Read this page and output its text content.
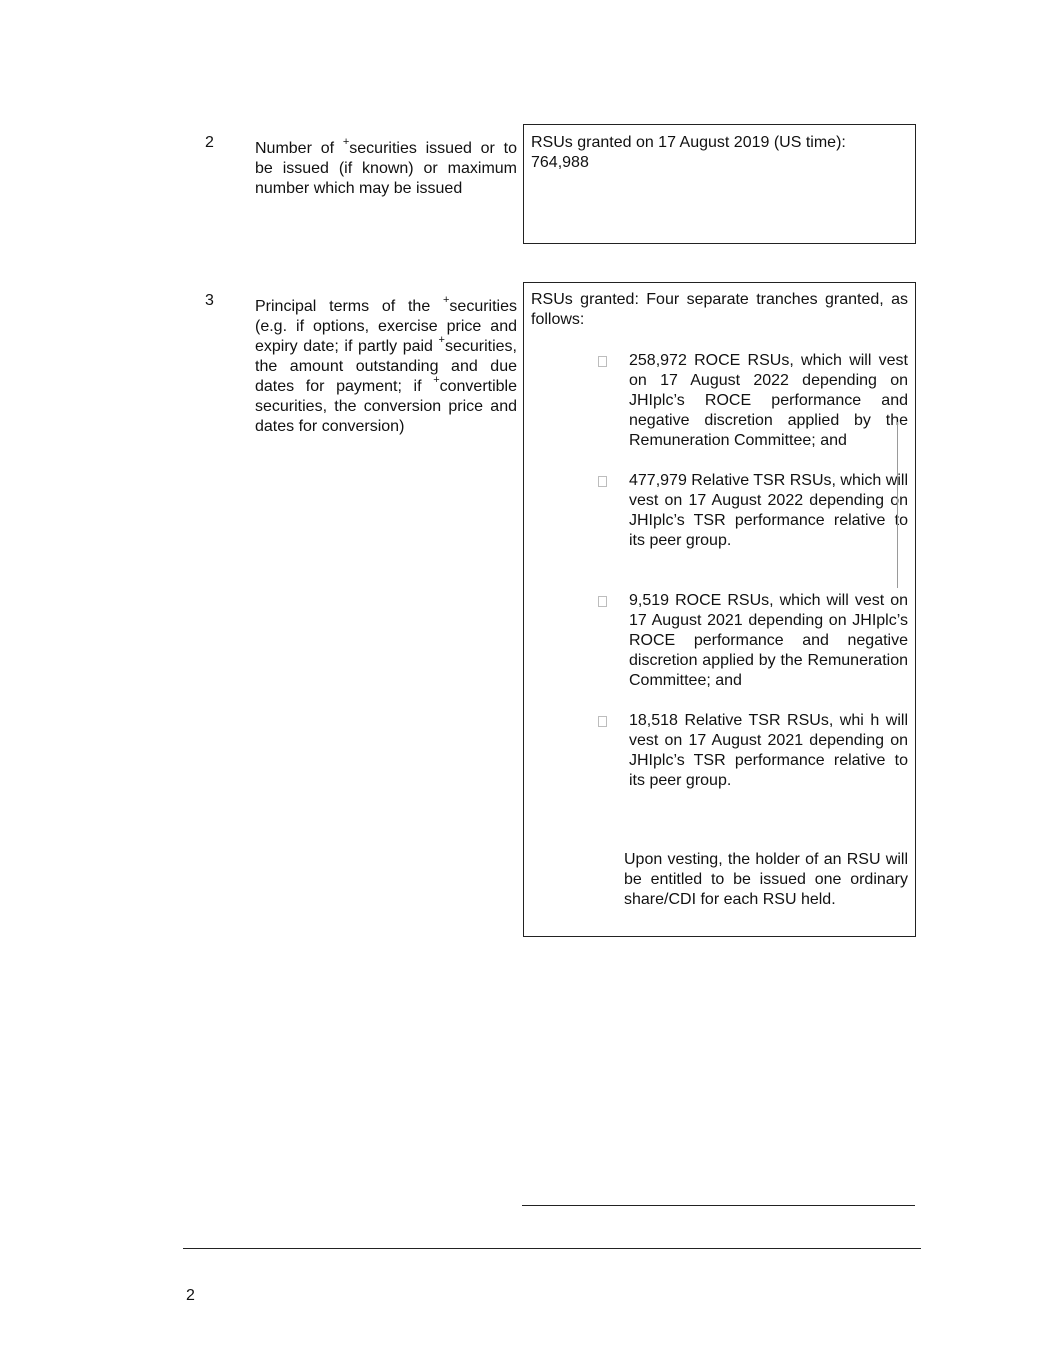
2	Number of +securities issued or to be issued (if known) or maximum number which may be issued
RSUs granted on 17 August 2019 (US time):
764,988
3	Principal terms of the +securities (e.g. if options, exercise price and expiry date; if partly paid +securities, the amount outstanding and due dates for payment; if +convertible securities, the conversion price and dates for conversion)
RSUs granted: Four separate tranches granted, as follows:
258,972 ROCE RSUs, which will vest on 17 August 2022 depending on JHIplc’s ROCE performance and negative discretion applied by the Remuneration Committee; and
477,979 Relative TSR RSUs, which will vest on 17 August 2022 depending on JHIplc’s TSR performance relative to its peer group.
9,519 ROCE RSUs, which will vest on 17 August 2021 depending on JHIplc’s ROCE performance and negative discretion applied by the Remuneration Committee; and
18,518 Relative TSR RSUs, whi h will vest on 17 August 2021 depending on JHIplc’s TSR performance relative to its peer group.
Upon vesting, the holder of an RSU will be entitled to be issued one ordinary share/CDI for each RSU held.
2
